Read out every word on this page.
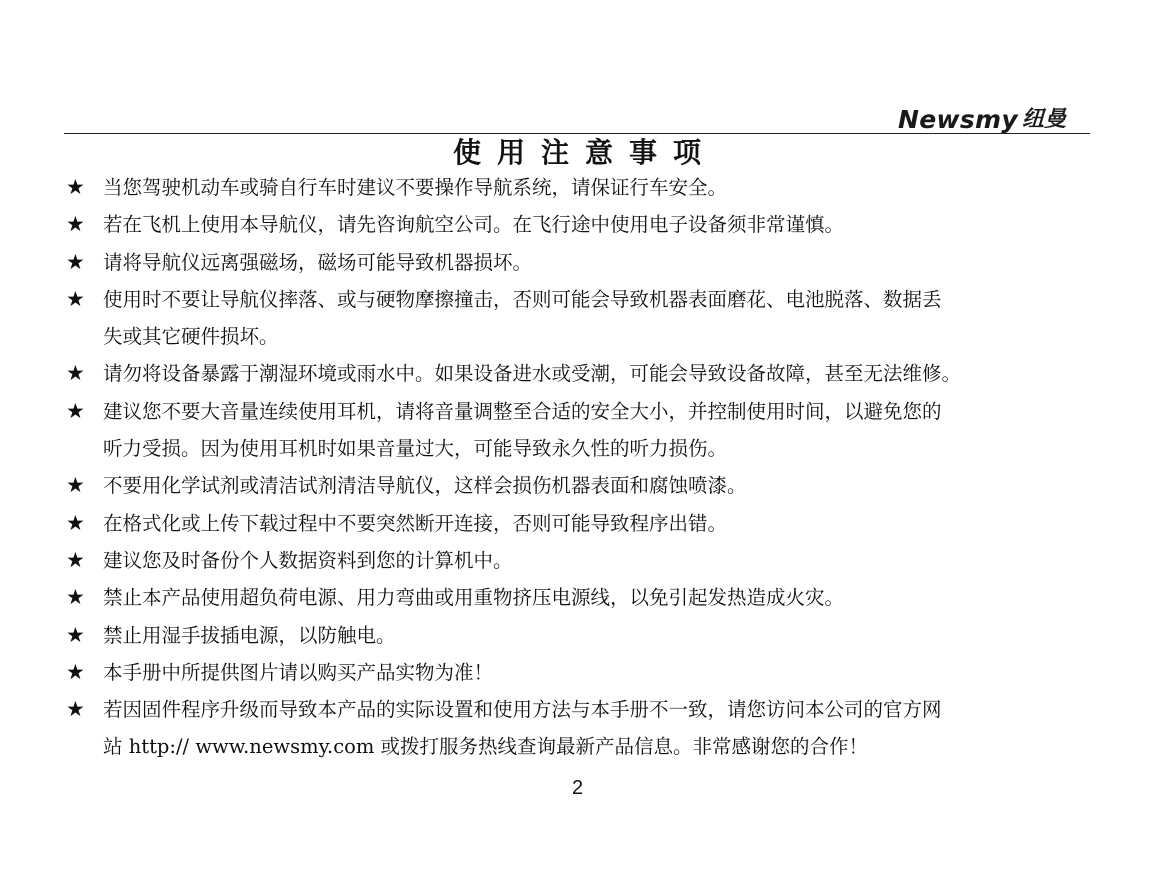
Newsmy 纽曼
使用注意事项
★ 当您驾驶机动车或骑自行车时建议不要操作导航系统，请保证行车安全。
★ 若在飞机上使用本导航仪，请先咨询航空公司。在飞行途中使用电子设备须非常谨慎。
★ 请将导航仪远离强磁场，磁场可能导致机器损坏。
★ 使用时不要让导航仪摔落、或与硬物摩擦撞击，否则可能会导致机器表面磨花、电池脱落、数据丢
失或其它硬件损坏。
★ 请勿将设备暴露于潮湿环境或雨水中。如果设备进水或受潮，可能会导致设备故障，甚至无法维修。
★ 建议您不要大音量连续使用耳机，请将音量调整至合适的安全大小，并控制使用时间，以避免您的
听力受损。因为使用耳机时如果音量过大，可能导致永久性的听力损伤。
★ 不要用化学试剂或清洁试剂清洁导航仪，这样会损伤机器表面和腐蚀喷漆。
★ 在格式化或上传下载过程中不要突然断开连接，否则可能导致程序出错。
★ 建议您及时备份个人数据资料到您的计算机中。
★ 禁止本产品使用超负荷电源、用力弯曲或用重物挤压电源线，以免引起发热造成火灾。
★ 禁止用湿手拔插电源，以防触电。
★ 本手册中所提供图片请以购买产品实物为准！
★ 若因固件程序升级而导致本产品的实际设置和使用方法与本手册不一致，请您访问本公司的官方网
站 http:// www.newsmy.com 或拨打服务热线查询最新产品信息。非常感谢您的合作！
2
